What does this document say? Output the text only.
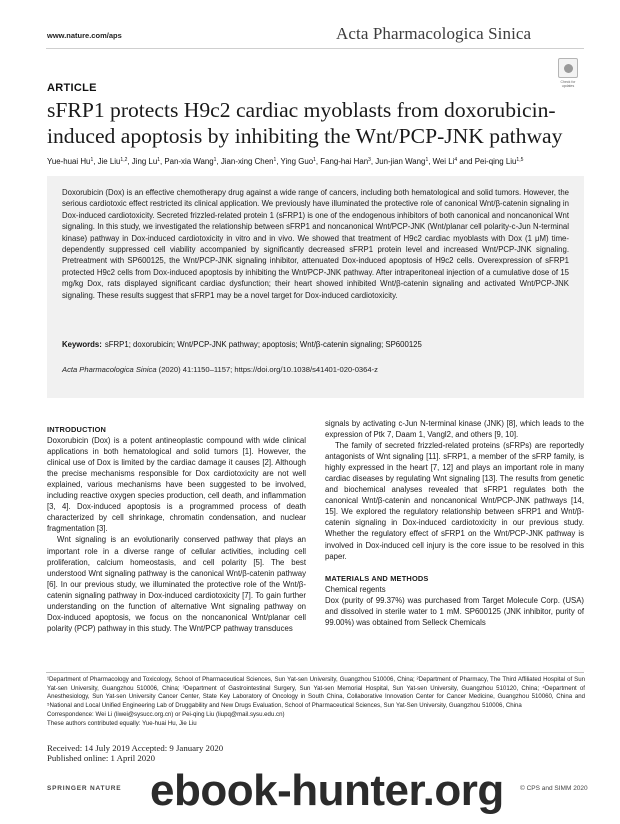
www.nature.com/aps	Acta Pharmacologica Sinica
Check for updates
ARTICLE
sFRP1 protects H9c2 cardiac myoblasts from doxorubicin-induced apoptosis by inhibiting the Wnt/PCP-JNK pathway
Yue-huai Hu$^1$, Jie Liu$^{1,2}$, Jing Lu$^1$, Pan-xia Wang$^1$, Jian-xing Chen$^1$, Ying Guo$^1$, Fang-hai Han$^3$, Jun-jian Wang$^1$, Wei Li$^4$ and Pei-qing Liu$^{1,5}$
Doxorubicin (Dox) is an effective chemotherapy drug against a wide range of cancers, including both hematological and solid tumors. However, the serious cardiotoxic effect restricted its clinical application. We previously have illuminated the protective role of canonical Wnt/β-catenin signaling in Dox-induced cardiotoxicity. Secreted frizzled-related protein 1 (sFRP1) is one of the endogenous inhibitors of both canonical and noncanonical Wnt signaling. In this study, we investigated the relationship between sFRP1 and noncanonical Wnt/PCP-JNK (Wnt/planar cell polarity-c-Jun N-terminal kinase) pathway in Dox-induced cardiotoxicity in vitro and in vivo. We showed that treatment of H9c2 cardiac myoblasts with Dox (1 μM) time-dependently suppressed cell viability accompanied by significantly decreased sFRP1 protein level and increased Wnt/PCP-JNK signaling. Pretreatment with SP600125, the Wnt/PCP-JNK signaling inhibitor, attenuated Dox-induced apoptosis of H9c2 cells. Overexpression of sFRP1 protected H9c2 cells from Dox-induced apoptosis by inhibiting the Wnt/PCP-JNK pathway. After intraperitoneal injection of a cumulative dose of 15 mg/kg Dox, rats displayed significant cardiac dysfunction; their heart showed inhibited Wnt/β-catenin signaling and activated Wnt/PCP-JNK signaling. These results suggest that sFRP1 may be a novel target for Dox-induced cardiotoxicity.
Keywords: sFRP1; doxorubicin; Wnt/PCP-JNK pathway; apoptosis; Wnt/β-catenin signaling; SP600125
Acta Pharmacologica Sinica (2020) 41:1150–1157; https://doi.org/10.1038/s41401-020-0364-z

INTRODUCTION

Doxorubicin (Dox) is a potent antineoplastic compound with wide clinical applications in both hematological and solid tumors [1]. However, the clinical use of Dox is limited by the cardiac damage it causes [2]. Although the precise mechanisms responsible for Dox cardiotoxicity are not well explained, various mechanisms have been suggested to be involved, including reactive oxygen species production, cell death, and inflammation [3, 4]. Dox-induced apoptosis is a programmed process of death characterized by cell shrinkage, chromatin condensation, and nuclear fragmentation [3].

Wnt signaling is an evolutionarily conserved pathway that plays an important role in a diverse range of cellular activities, including cell proliferation, calcium homeostasis, and cell polarity [5]. The best understood Wnt signaling pathway is the canonical Wnt/β-catenin pathway [6]. In our previous study, we illuminated the protective role of the Wnt/β-catenin signaling pathway in Dox-induced cardiotoxicity [7]. To gain further understanding on the function of alternative Wnt signaling pathway on Dox-induced apoptosis, we focus on the noncanonical Wnt/planar cell polarity (PCP) pathway in this study. The Wnt/PCP pathway transduces

signals by activating c-Jun N-terminal kinase (JNK) [8], which leads to the expression of Ptk 7, Daam 1, Vangl2, and others [9, 10].

The family of secreted frizzled-related proteins (sFRPs) are reportedly antagonists of Wnt signaling [11]. sFRP1, a member of the sFRP family, is highly expressed in the heart [7, 12] and plays an important role in many cardiac diseases by regulating Wnt signaling [13]. The results from genetic and biochemical analyses revealed that sFRP1 regulates both the canonical Wnt/β-catenin and noncanonical Wnt/PCP-JNK pathways [14, 15]. We explored the regulatory relationship between sFRP1 and Wnt/β-catenin signaling in Dox-induced cardiotoxicity in our previous study. Whether the regulatory effect of sFRP1 on the Wnt/PCP-JNK pathway is involved in Dox-induced cell injury is the core issue to be resolved in this paper.

MATERIALS AND METHODS

Chemical regents

Dox (purity of 99.37%) was purchased from Target Molecule Corp. (USA) and dissolved in sterile water to 1 mM. SP600125 (JNK inhibitor, purity of 99.00%) was obtained from Selleck Chemicals

¹Department of Pharmacology and Toxicology, School of Pharmaceutical Sciences, Sun Yat-sen University, Guangzhou 510006, China; ²Department of Pharmacy, The Third Affiliated Hospital of Sun Yat-sen University, Guangzhou 510006, China; ³Department of Gastrointestinal Surgery, Sun Yat-sen Memorial Hospital, Sun Yat-sen University, Guangzhou 510120, China; ⁴Department of Anesthesiology, Sun Yat-sen University Cancer Center, State Key Laboratory of Oncology in South China, Collaborative Innovation Center for Cancer Medicine, Guangzhou 510060, China and ⁵National and Local Unified Engineering Lab of Druggability and New Drugs Evaluation, School of Pharmaceutical Sciences, Sun Yat-Sen University, Guangzhou 510006, China
Correspondence: Wei Li (liwei@sysucc.org.cn) or Pei-qing Liu (liupq@mail.sysu.edu.cn)
These authors contributed equally: Yue-huai Hu, Jie Liu
Received: 14 July 2019 Accepted: 9 January 2020
Published online: 1 April 2020
SPRINGER NATURE	© CPS and SIMM 2020
ebook-hunter.org
